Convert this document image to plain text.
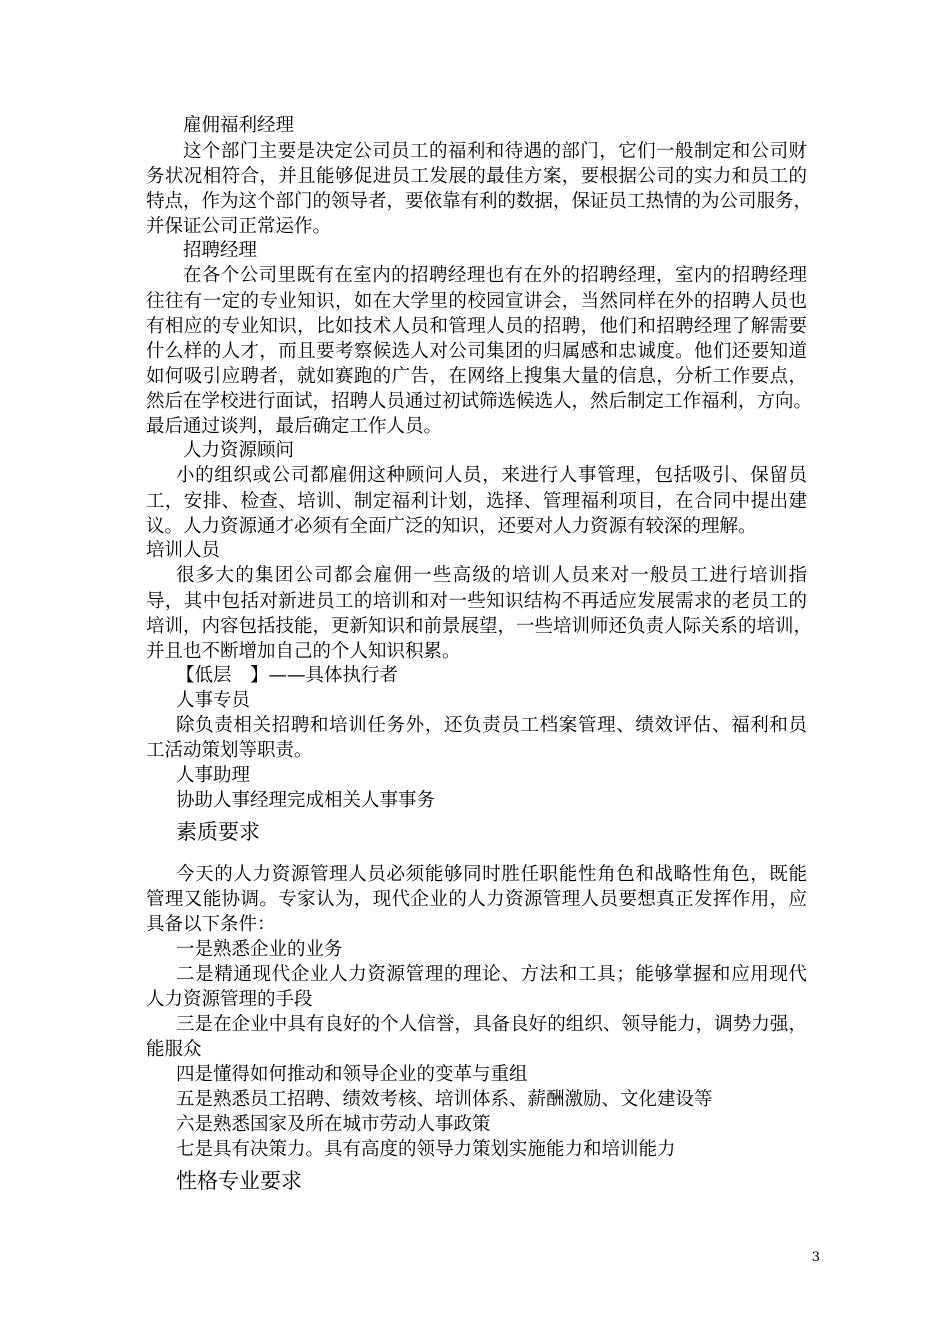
雇佣福利经理
这个部门主要是决定公司员工的福利和待遇的部门，它们一般制定和公司财
务状况相符合，并且能够促进员工发展的最佳方案，要根据公司的实力和员工的
特点，作为这个部门的领导者，要依靠有利的数据，保证员工热情的为公司服务，
并保证公司正常运作。
招聘经理
在各个公司里既有在室内的招聘经理也有在外的招聘经理，室内的招聘经理
往往有一定的专业知识，如在大学里的校园宣讲会，当然同样在外的招聘人员也
有相应的专业知识，比如技术人员和管理人员的招聘，他们和招聘经理了解需要
什么样的人才，而且要考察候选人对公司集团的归属感和忠诚度。他们还要知道
如何吸引应聘者，就如赛跑的广告，在网络上搜集大量的信息，分析工作要点，
然后在学校进行面试，招聘人员通过初试筛选候选人，然后制定工作福利，方向。
最后通过谈判，最后确定工作人员。
人力资源顾问
小的组织或公司都雇佣这种顾问人员，来进行人事管理，包括吸引、保留员
工，安排、检查、培训、制定福利计划，选择、管理福利项目，在合同中提出建
议。人力资源通才必须有全面广泛的知识，还要对人力资源有较深的理解。
培训人员
很多大的集团公司都会雇佣一些高级的培训人员来对一般员工进行培训指
导，其中包括对新进员工的培训和对一些知识结构不再适应发展需求的老员工的
培训，内容包括技能，更新知识和前景展望，一些培训师还负责人际关系的培训，
并且也不断增加自己的个人知识积累。
【低层　】——具体执行者
人事专员
除负责相关招聘和培训任务外，还负责员工档案管理、绩效评估、福利和员
工活动策划等职责。
人事助理
协助人事经理完成相关人事事务
素质要求
今天的人力资源管理人员必须能够同时胜任职能性角色和战略性角色，既能
管理又能协调。专家认为，现代企业的人力资源管理人员要想真正发挥作用，应
具备以下条件：
一是熟悉企业的业务
二是精通现代企业人力资源管理的理论、方法和工具；能够掌握和应用现代
人力资源管理的手段
三是在企业中具有良好的个人信誉，具备良好的组织、领导能力，调势力强，
能服众
四是懂得如何推动和领导企业的变革与重组
五是熟悉员工招聘、绩效考核、培训体系、薪酬激励、文化建设等
六是熟悉国家及所在城市劳动人事政策
七是具有决策力。具有高度的领导力策划实施能力和培训能力
性格专业要求
3
